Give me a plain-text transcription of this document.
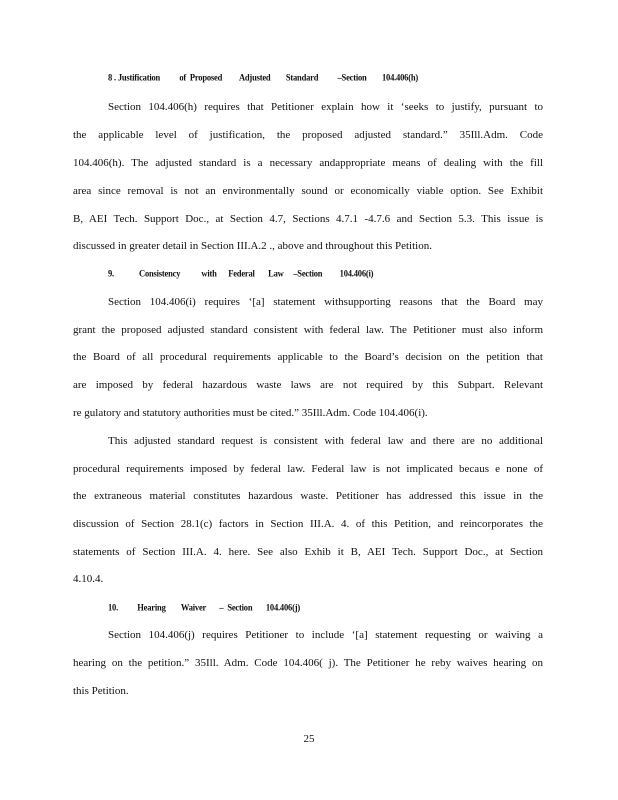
8 . Justification          of  Proposed         Adjusted        Standard          –Section        104.406(h)
Section 104.406(h) requires that Petitioner explain how it ‘seeks to justify, pursuant to
the applicable level of justification, the proposed adjusted standard.” 35Ill.Adm. Code
104.406(h). The adjusted standard is a necessary andappropriate means of dealing with the fill
area since removal is not an environmentally sound or economically viable option. See Exhibit
B, AEI Tech. Support Doc., at Section 4.7, Sections 4.7.1 -4.7.6 and Section 5.3. This issue is
discussed in greater detail in Section III.A.2 ., above and throughout this Petition.
9.             Consistency           with      Federal       Law     –Section         104.406(i)
Section 104.406(i) requires ‘[a] statement withsupporting reasons that the Board may
grant the proposed adjusted standard consistent with federal law. The Petitioner must also inform
the Board of all procedural requirements applicable to the Board’s decision on the petition that
are imposed by federal hazardous waste laws are not required by this Subpart. Relevant
re gulatory and statutory authorities must be cited.” 35Ill.Adm. Code 104.406(i).
This adjusted standard request is consistent with federal law and there are no additional
procedural requirements imposed by federal law. Federal law is not implicated becaus e none of
the extraneous material constitutes hazardous waste. Petitioner has addressed this issue in the
discussion of Section 28.1(c) factors in Section III.A. 4. of this Petition, and reincorporates the
statements of Section III.A. 4. here. See also Exhib it B, AEI Tech. Support Doc., at Section
4.10.4.
10.          Hearing        Waiver       –  Section       104.406(j)
Section 104.406(j) requires Petitioner to include ‘[a] statement requesting or waiving a
hearing on the petition.” 35Ill. Adm. Code 104.406( j). The Petitioner he reby waives hearing on
this Petition.
25
